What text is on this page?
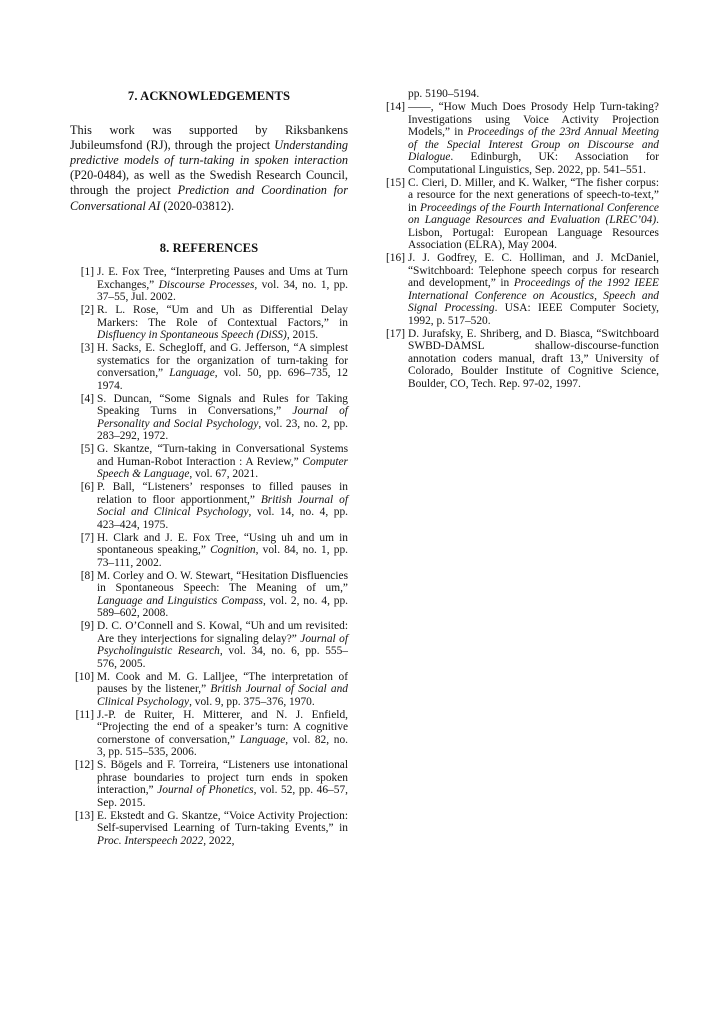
7. ACKNOWLEDGEMENTS

This work was supported by Riksbankens Jubileumsfond (RJ), through the project Understanding predictive models of turn-taking in spoken interaction (P20-0484), as well as the Swedish Research Council, through the project Prediction and Coordination for Conversational AI (2020-03812).

8. REFERENCES

[1] J. E. Fox Tree, “Interpreting Pauses and Ums at Turn Exchanges,” Discourse Processes, vol. 34, no. 1, pp. 37–55, Jul. 2002.

[2] R. L. Rose, “Um and Uh as Differential Delay Markers: The Role of Contextual Factors,” in Disfluency in Spontaneous Speech (DiSS), 2015.

[3] H. Sacks, E. Schegloff, and G. Jefferson, “A simplest systematics for the organization of turn-taking for conversation,” Language, vol. 50, pp. 696–735, 12 1974.

[4] S. Duncan, “Some Signals and Rules for Taking Speaking Turns in Conversations,” Journal of Personality and Social Psychology, vol. 23, no. 2, pp. 283–292, 1972.

[5] G. Skantze, “Turn-taking in Conversational Systems and Human-Robot Interaction : A Review,” Computer Speech & Language, vol. 67, 2021.

[6] P. Ball, “Listeners’ responses to filled pauses in relation to floor apportionment,” British Journal of Social and Clinical Psychology, vol. 14, no. 4, pp. 423–424, 1975.

[7] H. Clark and J. E. Fox Tree, “Using uh and um in spontaneous speaking,” Cognition, vol. 84, no. 1, pp. 73–111, 2002.

[8] M. Corley and O. W. Stewart, “Hesitation Disfluencies in Spontaneous Speech: The Meaning of um,” Language and Linguistics Compass, vol. 2, no. 4, pp. 589–602, 2008.

[9] D. C. O’Connell and S. Kowal, “Uh and um revisited: Are they interjections for signaling delay?” Journal of Psycholinguistic Research, vol. 34, no. 6, pp. 555–576, 2005.

[10] M. Cook and M. G. Lalljee, “The interpretation of pauses by the listener,” British Journal of Social and Clinical Psychology, vol. 9, pp. 375–376, 1970.

[11] J.-P. de Ruiter, H. Mitterer, and N. J. Enfield, “Projecting the end of a speaker’s turn: A cognitive cornerstone of conversation,” Language, vol. 82, no. 3, pp. 515–535, 2006.

[12] S. Bögels and F. Torreira, “Listeners use intonational phrase boundaries to project turn ends in spoken interaction,” Journal of Phonetics, vol. 52, pp. 46–57, Sep. 2015.

[13] E. Ekstedt and G. Skantze, “Voice Activity Projection: Self-supervised Learning of Turn-taking Events,” in Proc. Interspeech 2022, 2022,

pp. 5190–5194.

[14] ——, “How Much Does Prosody Help Turn-taking? Investigations using Voice Activity Projection Models,” in Proceedings of the 23rd Annual Meeting of the Special Interest Group on Discourse and Dialogue. Edinburgh, UK: Association for Computational Linguistics, Sep. 2022, pp. 541–551.

[15] C. Cieri, D. Miller, and K. Walker, “The fisher corpus: a resource for the next generations of speech-to-text,” in Proceedings of the Fourth International Conference on Language Resources and Evaluation (LREC’04). Lisbon, Portugal: European Language Resources Association (ELRA), May 2004.

[16] J. J. Godfrey, E. C. Holliman, and J. McDaniel, “Switchboard: Telephone speech corpus for research and development,” in Proceedings of the 1992 IEEE International Conference on Acoustics, Speech and Signal Processing. USA: IEEE Computer Society, 1992, p. 517–520.

[17] D. Jurafsky, E. Shriberg, and D. Biasca, “Switchboard SWBD-DAMSL shallow-discourse-function annotation coders manual, draft 13,” University of Colorado, Boulder Institute of Cognitive Science, Boulder, CO, Tech. Rep. 97-02, 1997.
